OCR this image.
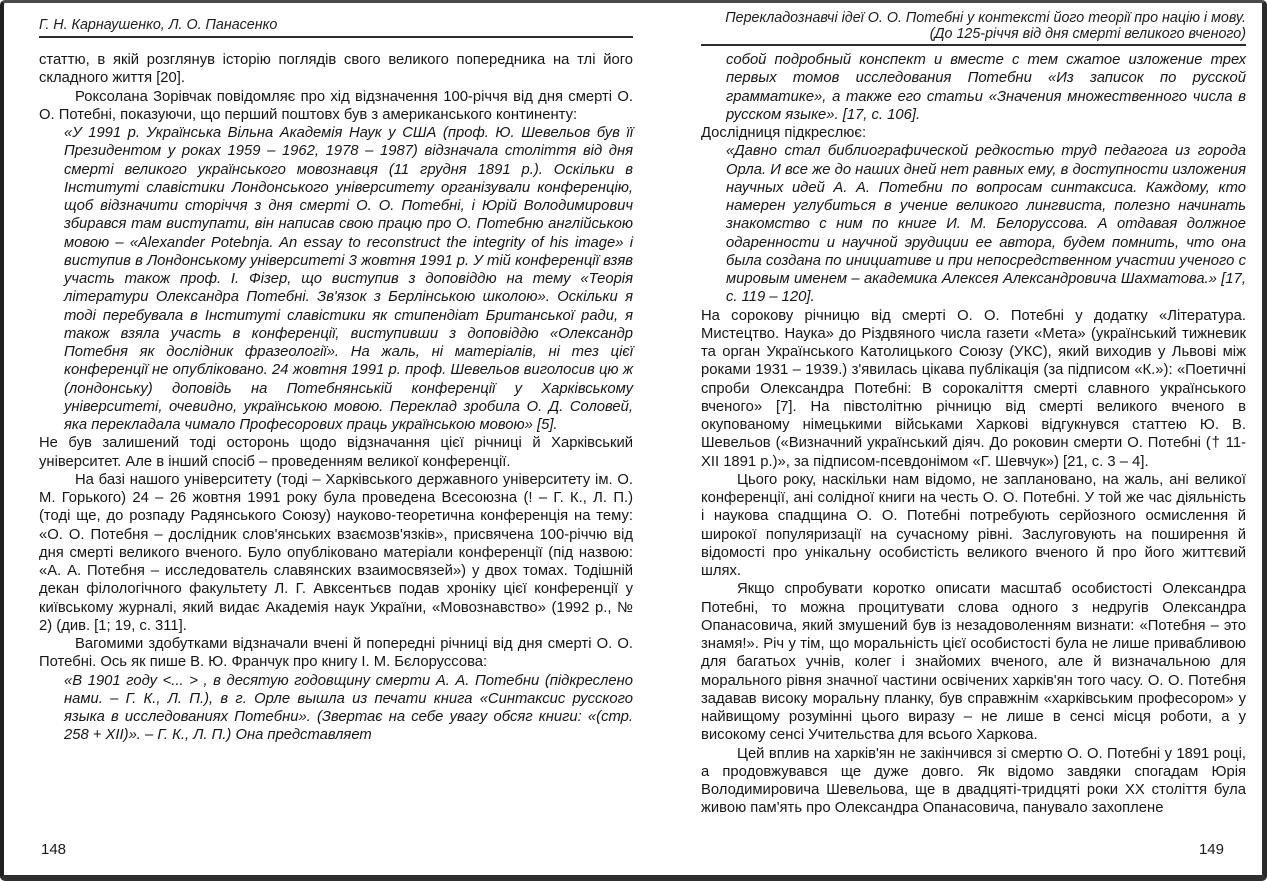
Г. Н. Карнаушенко, Л. О. Панасенко

статтю, в якій розглянув історію поглядів свого великого попередника на тлі його складного життя [20].

Роксолана Зорівчак повідомляє про хід відзначення 100-річчя від дня смерті О. О. Потебні, показуючи, що перший поштовх був з американського континенту:

«У 1991 р. Українська Вільна Академія Наук у США (проф. Ю. Шевельов був її Президентом у роках 1959 – 1962, 1978 – 1987) відзначала століття від дня смерті великого українського мовознавця (11 грудня 1891 р.). Оскільки в Інституті славістики Лондонського університету організували конференцію, щоб відзначити сторіччя з дня смерті О. О. Потебні, і Юрій Володимирович збирався там виступати, він написав свою працю про О. Потебню англійською мовою – «Alexander Potebnja. An essay to reconstruct the integrity of his image» і виступив в Лондонському університеті 3 жовтня 1991 р. У тій конференції взяв участь також проф. І. Фізер, що виступив з доповіддю на тему «Теорія літератури Олександра Потебні. Зв'язок з Берлінською школою». Оскільки я тоді перебувала в Інституті славістики як стипендіат Британської ради, я також взяла участь в конференції, виступивши з доповіддю «Олександр Потебня як дослідник фразеології». На жаль, ні матеріалів, ні тез цієї конференції не опубліковано. 24 жовтня 1991 р. проф. Шевельов виголосив цю ж (лондонську) доповідь на Потебнянській конференції у Харківському університеті, очевидно, українською мовою. Переклад зробила О. Д. Соловей, яка перекладала чимало Професорових праць українською мовою» [5].

Не був залишений тоді осторонь щодо відзначання цієї річниці й Харківський університет. Але в інший спосіб – проведенням великої конференції.

На базі нашого університету (тоді – Харківського державного університету ім. О. М. Горького) 24 – 26 жовтня 1991 року була проведена Всесоюзна (! – Г. К., Л. П.) (тоді ще, до розпаду Радянського Союзу) науково-теоретична конференція на тему: «О. О. Потебня – дослідник слов'янських взаємозв'язків», присвячена 100-річчю від дня смерті великого вченого. Було опубліковано матеріали конференції (під назвою: «А. А. Потебня – исследователь славянских взаимосвязей») у двох томах. Тодішній декан філологічного факультету Л. Г. Авксентьєв подав хроніку цієї конференції у київському журналі, який видає Академія наук України, «Мовознавство» (1992 р., № 2) (див. [1; 19, с. 311].

Вагомими здобутками відзначали вчені й попередні річниці від дня смерті О. О. Потебні. Ось як пише В. Ю. Франчук про книгу І. М. Бєлоруссова:

«В 1901 году <... > , в десятую годовщину смерти А. А. Потебни (підкреслено нами. – Г. К., Л. П.), в г. Орле вышла из печати книга «Синтаксис русского языка в исследованиях Потебни». (Звертає на себе увагу обсяг книги: «(стр. 258 + XII)». – Г. К., Л. П.) Она представляет

148
Перекладознавчі ідеї О. О. Потебні у контексті його теорії про націю і мову.
(До 125-річчя від дня смерті великого вченого)

собой подробный конспект и вместе с тем сжатое изложение трех первых томов исследования Потебни «Из записок по русской грамматике», а также его статьи «Значения множественного числа в русском языке». [17, с. 106].

Дослідниця підкреслює:

«Давно стал библиографической редкостью труд педагога из города Орла. И все же до наших дней нет равных ему, в доступности изложения научных идей А. А. Потебни по вопросам синтаксиса. Каждому, кто намерен углубиться в учение великого лингвиста, полезно начинать знакомство с ним по книге И. М. Белоруссова. А отдавая должное одаренности и научной эрудиции ее автора, будем помнить, что она была создана по инициативе и при непосредственном участии ученого с мировым именем – академика Алексея Александровича Шахматова.» [17, с. 119 – 120].

На сорокову річницю від смерті О. О. Потебні у додатку «Література. Мистецтво. Наука» до Різдвяного числа газети «Мета» (український тижневик та орган Українського Католицького Союзу (УКС), який виходив у Львові між роками 1931 – 1939.) з'явилась цікава публікація (за підписом «К.»): «Поетичні спроби Олександра Потебні: В сорокаліття смерті славного українського вченого» [7]. На півстолітню річницю від смерті великого вченого в окупованому німецькими військами Харкові відгукнувся статтею Ю. В. Шевельов («Визначний український діяч. До роковин смерти О. Потебні († 11-XII 1891 р.)», за підписом-псевдонімом «Г. Шевчук») [21, с. 3 – 4].

Цього року, наскільки нам відомо, не заплановано, на жаль, ані великої конференції, ані солідної книги на честь О. О. Потебні. У той же час діяльність і наукова спадщина О. О. Потебні потребують серйозного осмислення й широкої популяризації на сучасному рівні. Заслуговують на поширення й відомості про унікальну особистість великого вченого й про його життєвий шлях.

Якщо спробувати коротко описати масштаб особистості Олександра Потебні, то можна процитувати слова одного з недругів Олександра Опанасовича, який змушений був із незадоволенням визнати: «Потебня – это знамя!». Річ у тім, що моральність цієї особистості була не лише привабливою для багатьох учнів, колег і знайомих вченого, але й визначальною для морального рівня значної частини освічених харків'ян того часу. О. О. Потебня задавав високу моральну планку, був справжнім «харківським професором» у найвищому розумінні цього виразу – не лише в сенсі місця роботи, а у високому сенсі Учительства для всього Харкова.

Цей вплив на харків'ян не закінчився зі смертю О. О. Потебні у 1891 році, а продовжувався ще дуже довго. Як відомо завдяки спогадам Юрія Володимировича Шевельова, ще в двадцяті-тридцяті роки XX століття була живою пам'ять про Олександра Опанасовича, панувало захоплене

149
